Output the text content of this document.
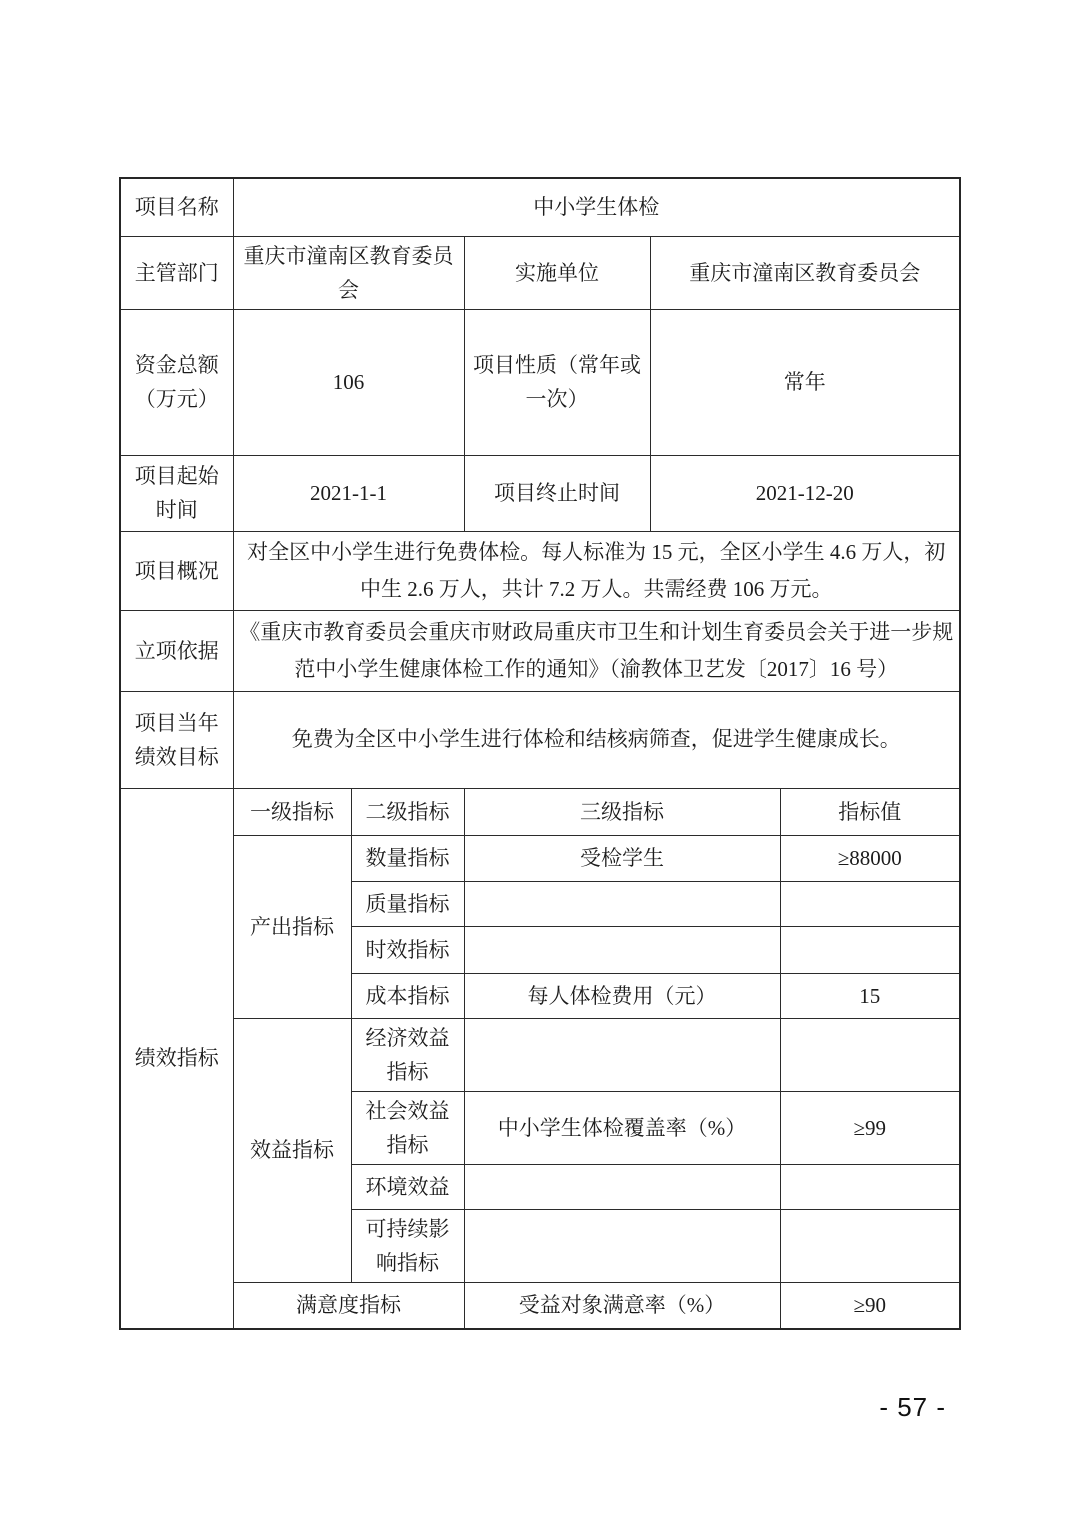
项目名称	中小学生体检				
主管部门	重庆市潼南区教育委员会		实施单位	重庆市潼南区教育委员会	
资金总额（万元）	106		项目性质（常年或一次）	常年	
项目起始时间	2021-1-1		项目终止时间	2021-12-20	
项目概况	对全区中小学生进行免费体检。每人标准为 15 元，全区小学生 4.6 万人，初中生 2.6 万人，共计 7.2 万人。共需经费 106 万元。				
立项依据	《重庆市教育委员会重庆市财政局重庆市卫生和计划生育委员会关于进一步规范中小学生健康体检工作的通知》（渝教体卫艺发〔2017〕16 号）				
项目当年绩效目标	免费为全区中小学生进行体检和结核病筛查，促进学生健康成长。				
绩效指标	一级指标	二级指标	三级指标		指标值
	产出指标	数量指标	受检学生		≥88000
		质量指标			
		时效指标			
		成本指标	每人体检费用（元）		15
	效益指标	经济效益指标			
		社会效益指标	中小学生体检覆盖率（%）		≥99
		环境效益			
		可持续影响指标			
	满意度指标		受益对象满意率（%）		≥90
- 57 -
